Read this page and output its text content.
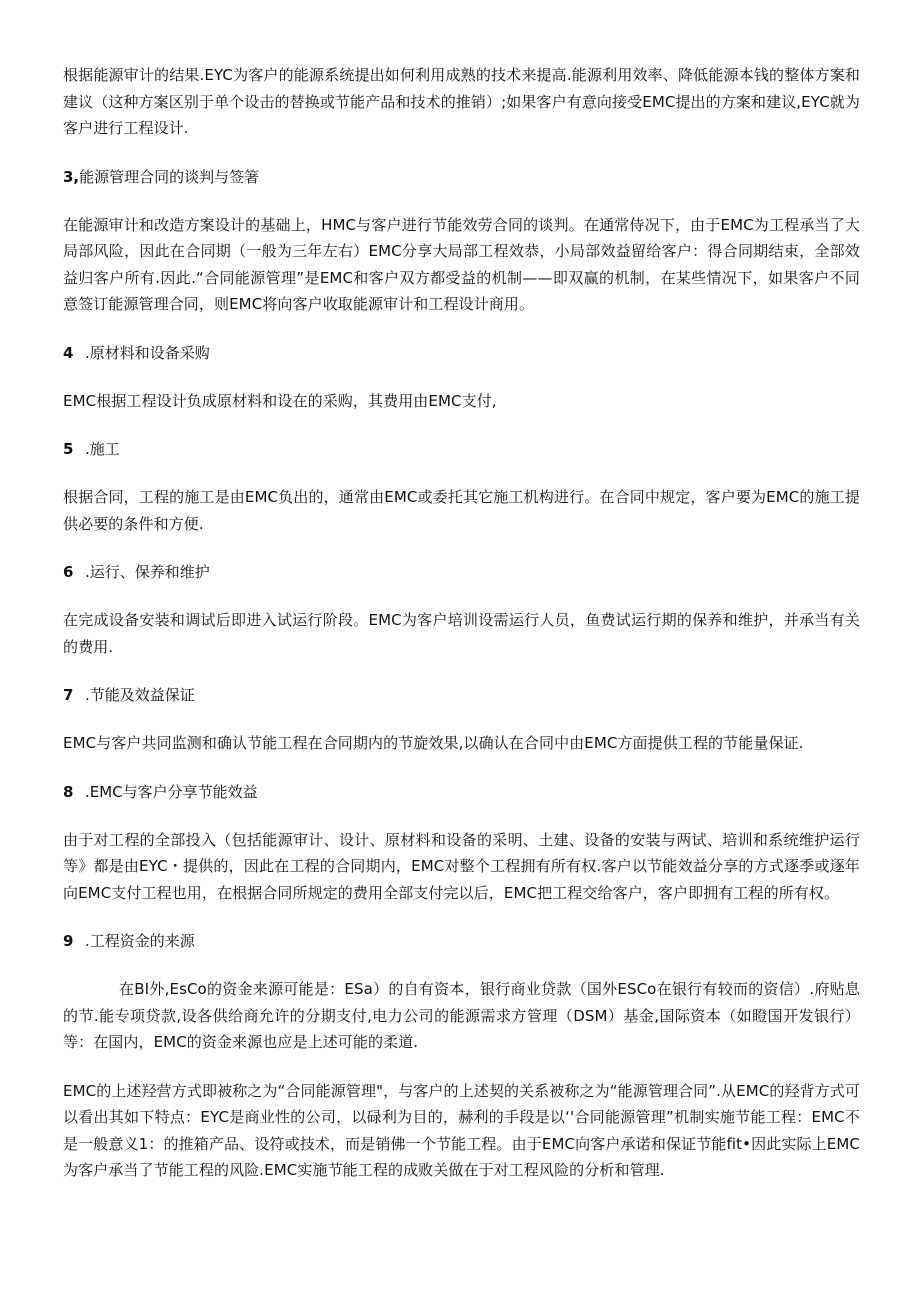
根据能源审计的结果.EYC为客户的能源系统提出如何利用成熟的技术来提高.能源利用效率、降低能源本钱的整体方案和建议（这种方案区别于单个设击的替换或节能产品和技术的推销）;如果客户有意向接受EMC提出的方案和建议,EYC就为客户进行工程设计.

3,能源管理合同的谈判与签箸

在能源审计和改造方案设计的基础上，HMC与客户进行节能效劳合同的谈判。在通常侍况下，由于EMC为工程承当了大局部风险，因此在合同期（一般为三年左右）EMC分享大局部工程效恭，小局部效益留给客户：得合同期结束，全部效益归客户所有.因此.“合同能源管理”是EMC和客户双方都受益的机制——即双赢的机制，在某些情况下，如果客户不同意签订能源管理合同，则EMC将向客户收取能源审计和工程设计商用。

4 .原材料和设备采购

EMC根据工程设计负成原材料和设在的采购，其费用由EMC支付,

5 .施工

根据合同，工程的施工是由EMC负出的，通常由EMC或委托其它施工机构进行。在合同中规定，客户要为EMC的施工提供必要的条件和方便.

6 .运行、保养和维护

在完成设备安装和调试后即进入试运行阶段。EMC为客户培训设需运行人员，鱼费试运行期的保养和维护，并承当有关的费用.

7 .节能及效益保证

EMC与客户共同监测和确认节能工程在合同期内的节旋效果,以确认在合同中由EMC方面提供工程的节能量保证.

8 .EMC与客户分享节能效益

由于对工程的全部投入（包括能源审计、设计、原材料和设备的采明、土建、设备的安装与两试、培训和系统维护运行等》都是由EYC・提供的，因此在工程的合同期内，EMC对整个工程拥有所有权.客户以节能效益分享的方式逐季或逐年向EMC支付工程也用，在根据合同所规定的费用全部支付完以后，EMC把工程交给客户，客户即拥有工程的所有权。

9 .工程资金的来源

在BI外,EsCo的资金来源可能是：ESa）的自有资本，银行商业贷款（国外ESCo在银行有较而的资信）.府贴息的节.能专项贷款,设各供给商允许的分期支付,电力公司的能源需求方管理（DSM）基金,国际资本（如瞪国开发银行）等：在国内，EMC的资金来源也应是上述可能的柔道.

EMC的上述羟营方式即被称之为“合同能源管理"，与客户的上述契的关系被称之为“能源管理合同”.从EMC的羟背方式可以看出其如下特点：EYC是商业性的公司，以碌利为目的，赫利的手段是以‘'合同能源管理”机制实施节能工程：EMC不是一般意义1：的推箱产品、设符或技术，而是销佛一个节能工程。由于EMC向客户承诺和保证节能fit•因此实际上EMC为客户承当了节能工程的风险.EMC实施节能工程的成败关做在于对工程风险的分析和管理.
